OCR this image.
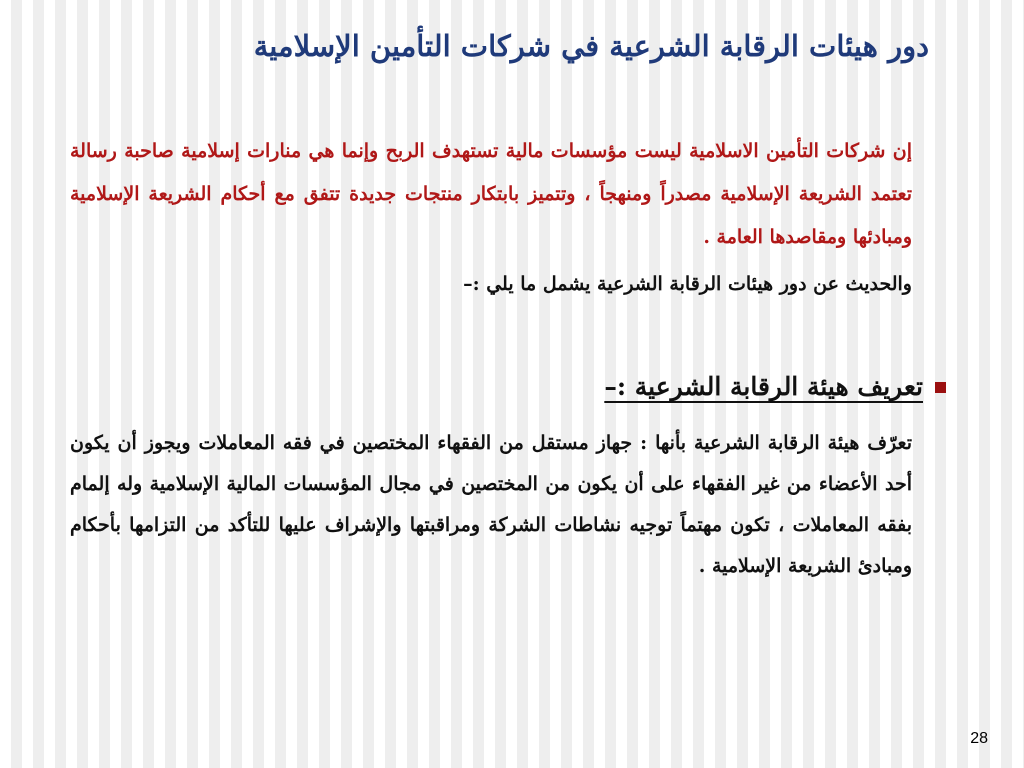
دور هيئات الرقابة الشرعية في شركات التأمين الإسلامية

إن شركات التأمين الاسلامية ليست مؤسسات مالية تستهدف الربح وإنما هي منارات إسلامية صاحبة رسالة تعتمد الشريعة الإسلامية مصدراً ومنهجاً ، وتتميز بابتكار منتجات جديدة تتفق مع أحكام الشريعة الإسلامية ومبادئها ومقاصدها العامة .

والحديث عن دور هيئات الرقابة الشرعية يشمل ما يلي :–

تعريف هيئة الرقابة الشرعية :–

تعرّف هيئة الرقابة الشرعية بأنها : جهاز مستقل من الفقهاء المختصين في فقه المعاملات ويجوز أن يكون أحد الأعضاء من غير الفقهاء على أن يكون من المختصين في مجال المؤسسات المالية الإسلامية وله إلمام بفقه المعاملات ، تكون مهتماً توجيه نشاطات الشركة ومراقبتها والإشراف عليها للتأكد من التزامها بأحكام ومبادئ الشريعة الإسلامية .

28
